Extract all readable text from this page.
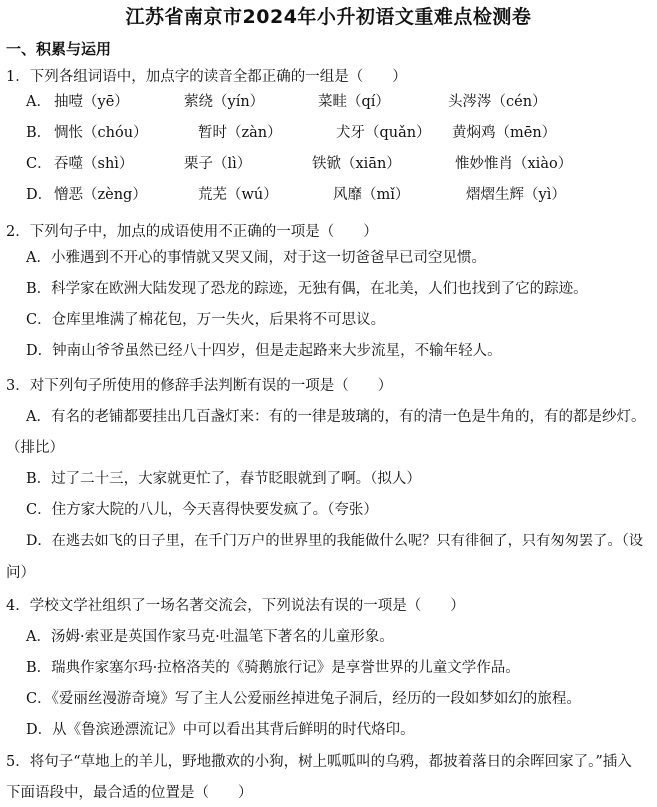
江苏省南京市2024年小升初语文重难点检测卷
一、积累与运用
1．下列各组词语中，加点字的读音全都正确的一组是（　　）
A． 抽噎（yē）	萦绕（yín）	菜畦（qí）	头涔涔（cén）
B． 惆怅（chóu）	暂时（zàn）	犬牙（quǎn） 黄焖鸡（mēn）
C． 吞噬（shì）	栗子（lì）	铁锨（xiān）	惟妙惟肖（xiào）
D． 憎恶（zèng）	荒芜（wú）	风靡（mǐ）	熠熠生辉（yì）
2．下列句子中，加点的成语使用不正确的一项是（　　）
A．小雅遇到不开心的事情就又哭又闹，对于这一切爸爸早已司空见惯。
B．科学家在欧洲大陆发现了恐龙的踪迹，无独有偶，在北美，人们也找到了它的踪迹。
C．仓库里堆满了棉花包，万一失火，后果将不可思议。
D．钟南山爷爷虽然已经八十四岁，但是走起路来大步流星，不输年轻人。
3．对下列句子所使用的修辞手法判断有误的一项是（　　）
A．有名的老铺都要挂出几百盏灯来：有的一律是玻璃的，有的清一色是牛角的，有的都是纱灯。
（排比）
B．过了二十三，大家就更忙了，春节眨眼就到了啊。（拟人）
C．住方家大院的八儿，今天喜得快要发疯了。（夸张）
D．在逃去如飞的日子里，在千门万户的世界里的我能做什么呢？只有徘徊了，只有匆匆罢了。（设
问）
4．学校文学社组织了一场名著交流会，下列说法有误的一项是（　　）
A．汤姆·索亚是英国作家马克·吐温笔下著名的儿童形象。
B．瑞典作家塞尔玛·拉格洛芙的《骑鹅旅行记》是享誉世界的儿童文学作品。
C．《爱丽丝漫游奇境》写了主人公爱丽丝掉进兔子洞后，经历的一段如梦如幻的旅程。
D．从《鲁滨逊漂流记》中可以看出其背后鲜明的时代烙印。
5．将句子“草地上的羊儿，野地撒欢的小狗，树上呱呱叫的乌鸦，都披着落日的余晖回家了。”插入
下面语段中，最合适的位置是（　　）
